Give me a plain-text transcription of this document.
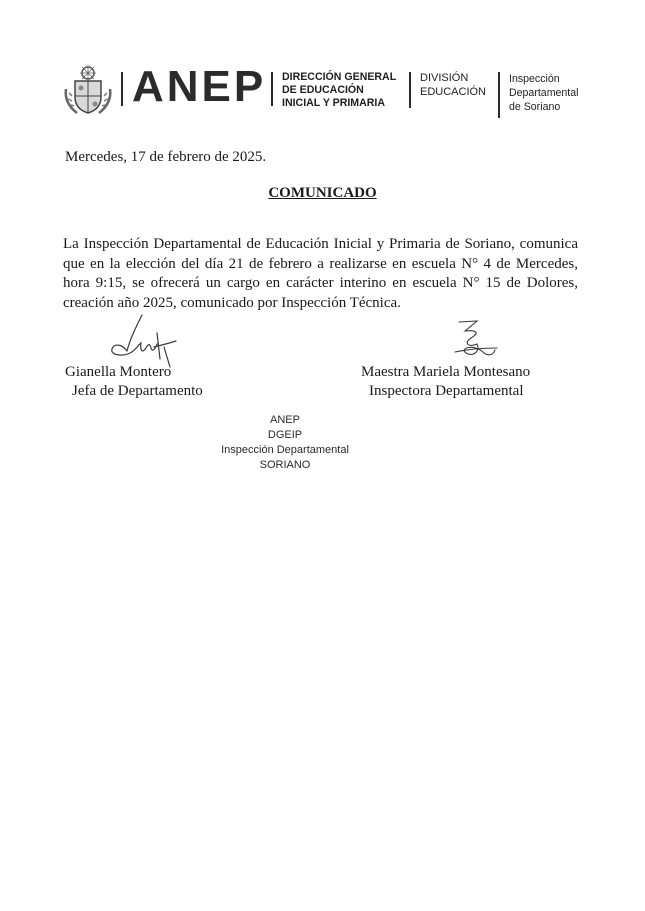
ANEP DIRECCIÓN GENERAL
DE EDUCACIÓN
INICIAL Y PRIMARIA
DIVISIÓN
EDUCACIÓN
Inspección
Departamental
de Soriano
Mercedes, 17 de febrero de 2025.
COMUNICADO
La Inspección Departamental de Educación Inicial y Primaria de Soriano, comunica que en la elección del día 21 de febrero a realizarse en escuela N° 4 de Mercedes, hora 9:15, se ofrecerá un cargo en carácter interino en escuela N° 15 de Dolores, creación año 2025, comunicado por Inspección Técnica.
Gianella Montero
Jefa de Departamento
Maestra Mariela Montesano
Inspectora Departamental
ANEP
DGEIP
Inspección Departamental
SORIANO
